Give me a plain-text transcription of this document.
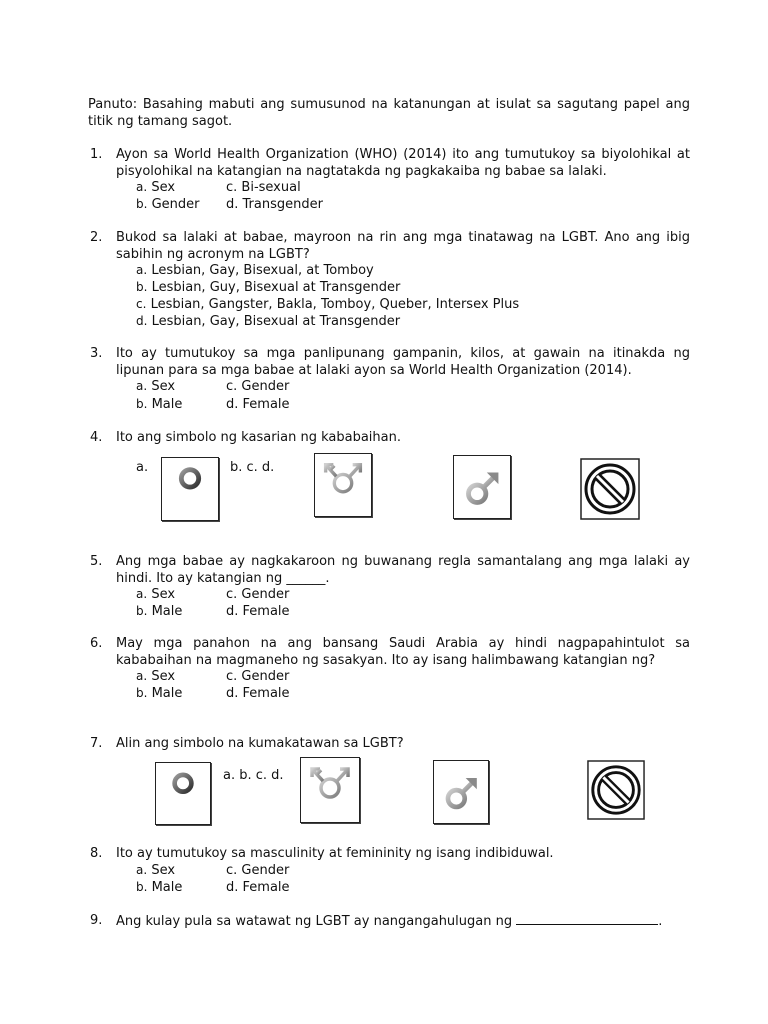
Panuto: Basahing mabuti ang sumusunod na katanungan at isulat sa sagutang papel ang titik ng tamang sagot.
1. Ayon sa World Health Organization (WHO) (2014) ito ang tumutukoy sa biyolohikal at pisyolohikal na katangian na nagtatakda ng pagkakaiba ng babae sa lalaki.
a. Sex
b. Gender
c. Bi-sexual
d. Transgender
2. Bukod sa lalaki at babae, mayroon na rin ang mga tinatawag na LGBT. Ano ang ibig sabihin ng acronym na LGBT?
a. Lesbian, Gay, Bisexual, at Tomboy
b. Lesbian, Guy, Bisexual at Transgender
c. Lesbian, Gangster, Bakla, Tomboy, Queber, Intersex Plus
d. Lesbian, Gay, Bisexual at Transgender
3. Ito ay tumutukoy sa mga panlipunang gampanin, kilos, at gawain na itinakda ng lipunan para sa mga babae at lalaki ayon sa World Health Organization (2014).
a. Sex
b. Male
c. Gender
d. Female
4. Ito ang simbolo ng kasarian ng kababaihan.
a.	b. c. d.
5. Ang mga babae ay nagkakaroon ng buwanang regla samantalang ang mga lalaki ay hindi. Ito ay katangian ng ______.
a. Sex
b. Male
c. Gender
d. Female
6. May mga panahon na ang bansang Saudi Arabia ay hindi nagpapahintulot sa kababaihan na magmaneho ng sasakyan. Ito ay isang halimbawang katangian ng?
a. Sex
b. Male
c. Gender
d. Female
7. Alin ang simbolo na kumakatawan sa LGBT?
a. b. c. d.
8. Ito ay tumutukoy sa masculinity at femininity ng isang indibiduwal.
a. Sex
b. Male
c. Gender
d. Female
9. Ang kulay pula sa watawat ng LGBT ay nangangahulugan ng	.
